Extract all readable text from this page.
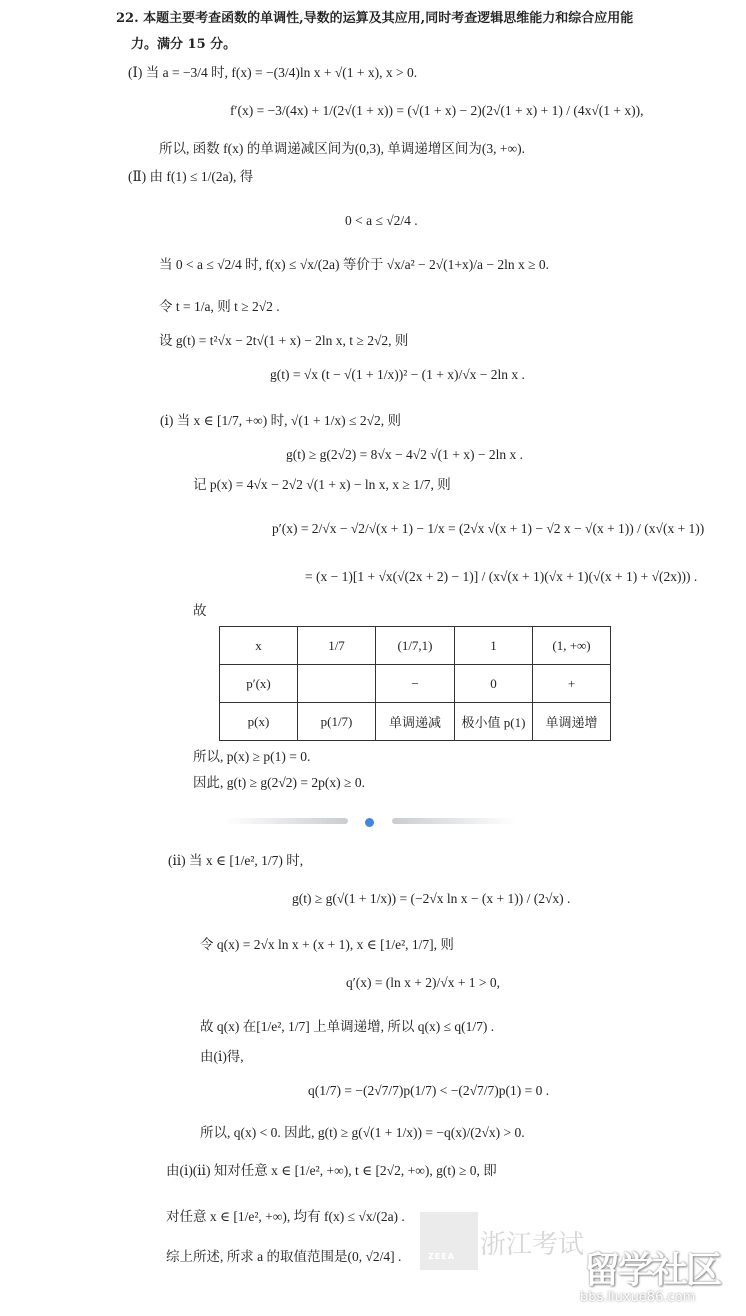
22. 本题主要考查函数的单调性,导数的运算及其应用,同时考查逻辑思维能力和综合应用能
力。满分 15 分。
(Ⅰ) 当 a = −3/4 时, f(x) = −(3/4)ln x + √(1 + x), x > 0.
f′(x) = −3/(4x) + 1/(2√(1 + x)) = (√(1 + x) − 2)(2√(1 + x) + 1) / (4x√(1 + x)),
所以, 函数 f(x) 的单调递减区间为(0,3), 单调递增区间为(3, +∞).
(Ⅱ) 由 f(1) ≤ 1/(2a), 得
0 < a ≤ √2/4 .
当 0 < a ≤ √2/4 时, f(x) ≤ √x/(2a) 等价于 √x/a² − 2√(1+x)/a − 2ln x ≥ 0.
令 t = 1/a, 则 t ≥ 2√2 .
设 g(t) = t²√x − 2t√(1 + x) − 2ln x, t ≥ 2√2, 则
g(t) = √x (t − √(1 + 1/x))² − (1 + x)/√x − 2ln x .
(ⅰ) 当 x ∈ [1/7, +∞) 时, √(1 + 1/x) ≤ 2√2, 则
g(t) ≥ g(2√2) = 8√x − 4√2 √(1 + x) − 2ln x .
记 p(x) = 4√x − 2√2 √(1 + x) − ln x, x ≥ 1/7, 则
p′(x) = 2/√x − √2/√(x + 1) − 1/x = (2√x √(x + 1) − √2 x − √(x + 1)) / (x√(x + 1))
= (x − 1)[1 + √x(√(2x + 2) − 1)] / (x√(x + 1)(√x + 1)(√(x + 1) + √(2x))) .
故
x	1/7	(1/7,1)	1	(1, +∞)
p′(x)		−	0	+
p(x)	p(1/7)	单调递减	极小值 p(1)	单调递增
所以, p(x) ≥ p(1) = 0.
因此, g(t) ≥ g(2√2) = 2p(x) ≥ 0.
(ⅱ) 当 x ∈ [1/e², 1/7) 时,
g(t) ≥ g(√(1 + 1/x)) = (−2√x ln x − (x + 1)) / (2√x) .
令 q(x) = 2√x ln x + (x + 1), x ∈ [1/e², 1/7], 则
q′(x) = (ln x + 2)/√x + 1 > 0,
故 q(x) 在[1/e², 1/7] 上单调递增, 所以 q(x) ≤ q(1/7) .
由(ⅰ)得,
q(1/7) = −(2√7/7)p(1/7) < −(2√7/7)p(1) = 0 .
所以, q(x) < 0. 因此, g(t) ≥ g(√(1 + 1/x)) = −q(x)/(2√x) > 0.
由(ⅰ)(ⅱ) 知对任意 x ∈ [1/e², +∞), t ∈ [2√2, +∞), g(t) ≥ 0, 即
对任意 x ∈ [1/e², +∞), 均有 f(x) ≤ √x/(2a) .
综上所述, 所求 a 的取值范围是(0, √2/4] .	ZEEA 浙江考试
留学社区
bbs.liuxue86.com
